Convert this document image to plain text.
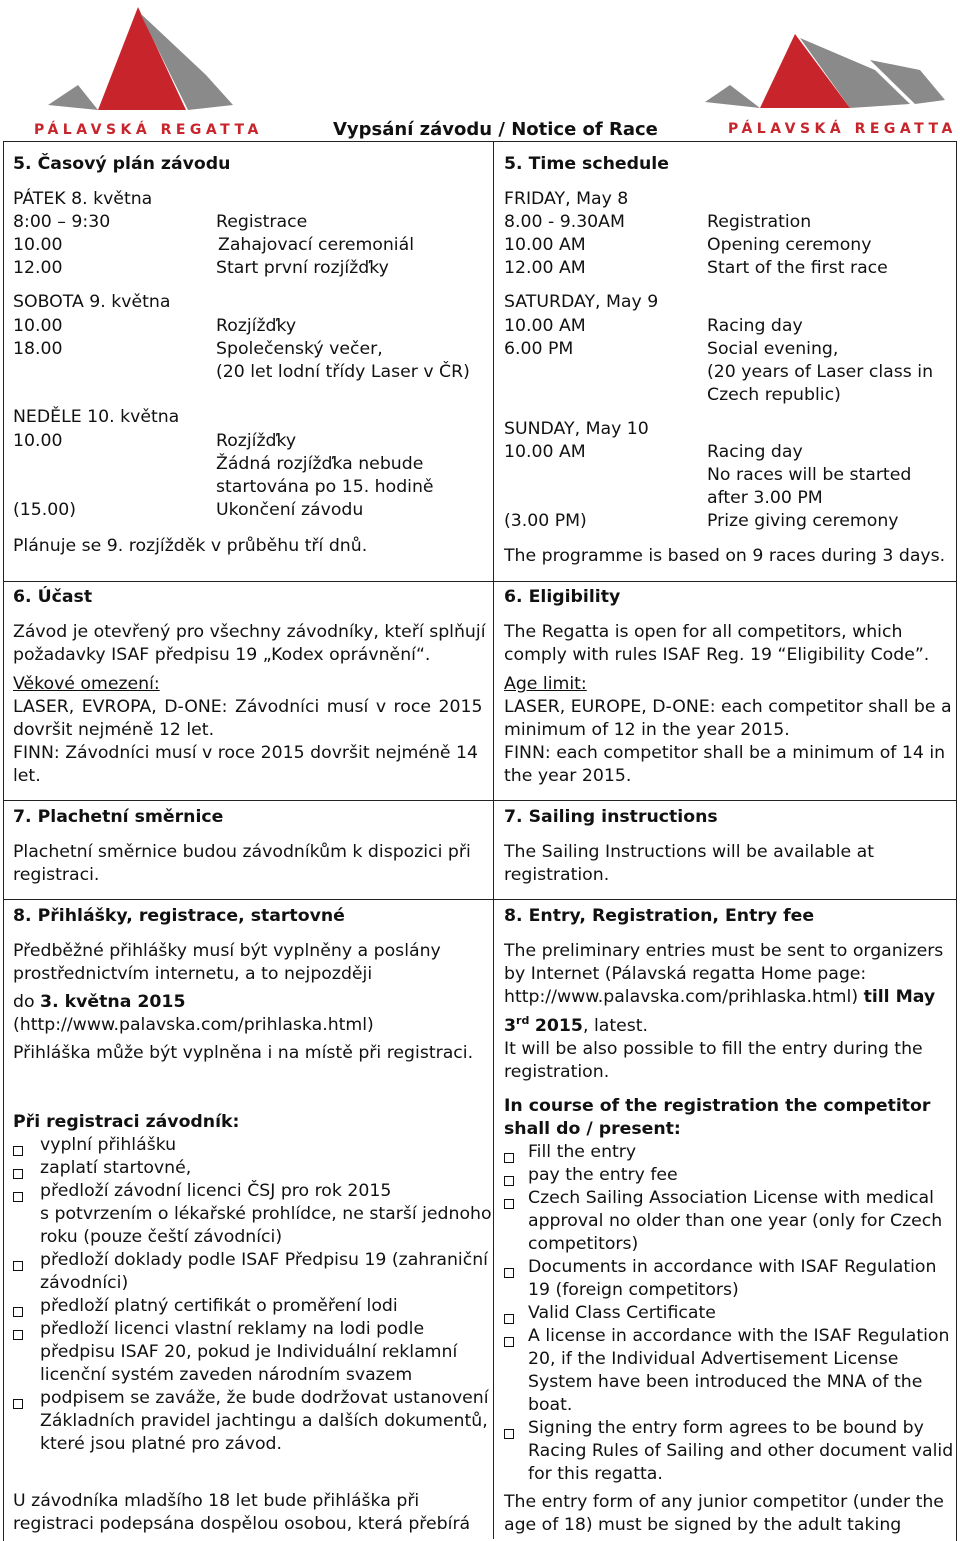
PÁLAVSKÁ REGATTA	PÁLAVSKÁ REGATTA
Vypsání závodu / Notice of Race
5. Časový plán závodu
PÁTEK 8. května
8:00 – 9:30	Registrace
10.00	Zahajovací ceremoniál
12.00	Start první rozjížďky
SOBOTA 9. května
10.00	Rozjížďky
18.00	Společenský večer,
(20 let lodní třídy Laser v ČR)
NEDĚLE 10. května
10.00	Rozjížďky
Žádná rozjížďka nebude
startována po 15. hodině
(15.00)	Ukončení závodu
Plánuje se 9. rozjížděk v průběhu tří dnů.
6. Účast
Závod je otevřený pro všechny závodníky, kteří splňují
požadavky ISAF předpisu 19 „Kodex oprávnění“.
Věkové omezení:
LASER, EVROPA, D-ONE: Závodníci musí v roce 2015
dovršit nejméně 12 let.
FINN: Závodníci musí v roce 2015 dovršit nejméně 14
let.
7. Plachetní směrnice
Plachetní směrnice budou závodníkům k dispozici při
registraci.
8. Přihlášky, registrace, startovné
Předběžné přihlášky musí být vyplněny a poslány
prostřednictvím internetu, a to nejpozději
do 3. května 2015
(http://www.palavska.com/prihlaska.html)
Přihláška může být vyplněna i na místě při registraci.
Při registraci závodník:
vyplní přihlášku
zaplatí startovné,
předloží závodní licenci ČSJ pro rok 2015
s potvrzením o lékařské prohlídce, ne starší jednoho
roku (pouze čeští závodníci)
předloží doklady podle ISAF Předpisu 19 (zahraniční
závodníci)
předloží platný certifikát o proměření lodi
předloží licenci vlastní reklamy na lodi podle
předpisu ISAF 20, pokud je Individuální reklamní
licenční systém zaveden národním svazem
podpisem se zaváže, že bude dodržovat ustanovení
Základních pravidel jachtingu a dalších dokumentů,
které jsou platné pro závod.
U závodníka mladšího 18 let bude přihláška při
registraci podepsána dospělou osobou, která přebírá
5. Time schedule
FRIDAY, May 8
8.00 - 9.30AM	Registration
10.00 AM	Opening ceremony
12.00 AM	Start of the first race
SATURDAY, May 9
10.00 AM	Racing day
6.00 PM	Social evening,
(20 years of Laser class in
Czech republic)
SUNDAY, May 10
10.00 AM	Racing day
No races will be started
after 3.00 PM
(3.00 PM)	Prize giving ceremony
The programme is based on 9 races during 3 days.
6. Eligibility
The Regatta is open for all competitors, which
comply with rules ISAF Reg. 19 “Eligibility Code”.
Age limit:
LASER, EUROPE, D-ONE: each competitor shall be a
minimum of 12 in the year 2015.
FINN: each competitor shall be a minimum of 14 in
the year 2015.
7. Sailing instructions
The Sailing Instructions will be available at
registration.
8. Entry, Registration, Entry fee
The preliminary entries must be sent to organizers
by Internet (Pálavská regatta Home page:
http://www.palavska.com/prihlaska.html) till May
3rd 2015, latest.
It will be also possible to fill the entry during the
registration.
In course of the registration the competitor
shall do / present:
Fill the entry
pay the entry fee
Czech Sailing Association License with medical
approval no older than one year (only for Czech
competitors)
Documents in accordance with ISAF Regulation
19 (foreign competitors)
Valid Class Certificate
A license in accordance with the ISAF Regulation
20, if the Individual Advertisement License
System have been introduced the MNA of the
boat.
Signing the entry form agrees to be bound by
Racing Rules of Sailing and other document valid
for this regatta.
The entry form of any junior competitor (under the
age of 18) must be signed by the adult taking
